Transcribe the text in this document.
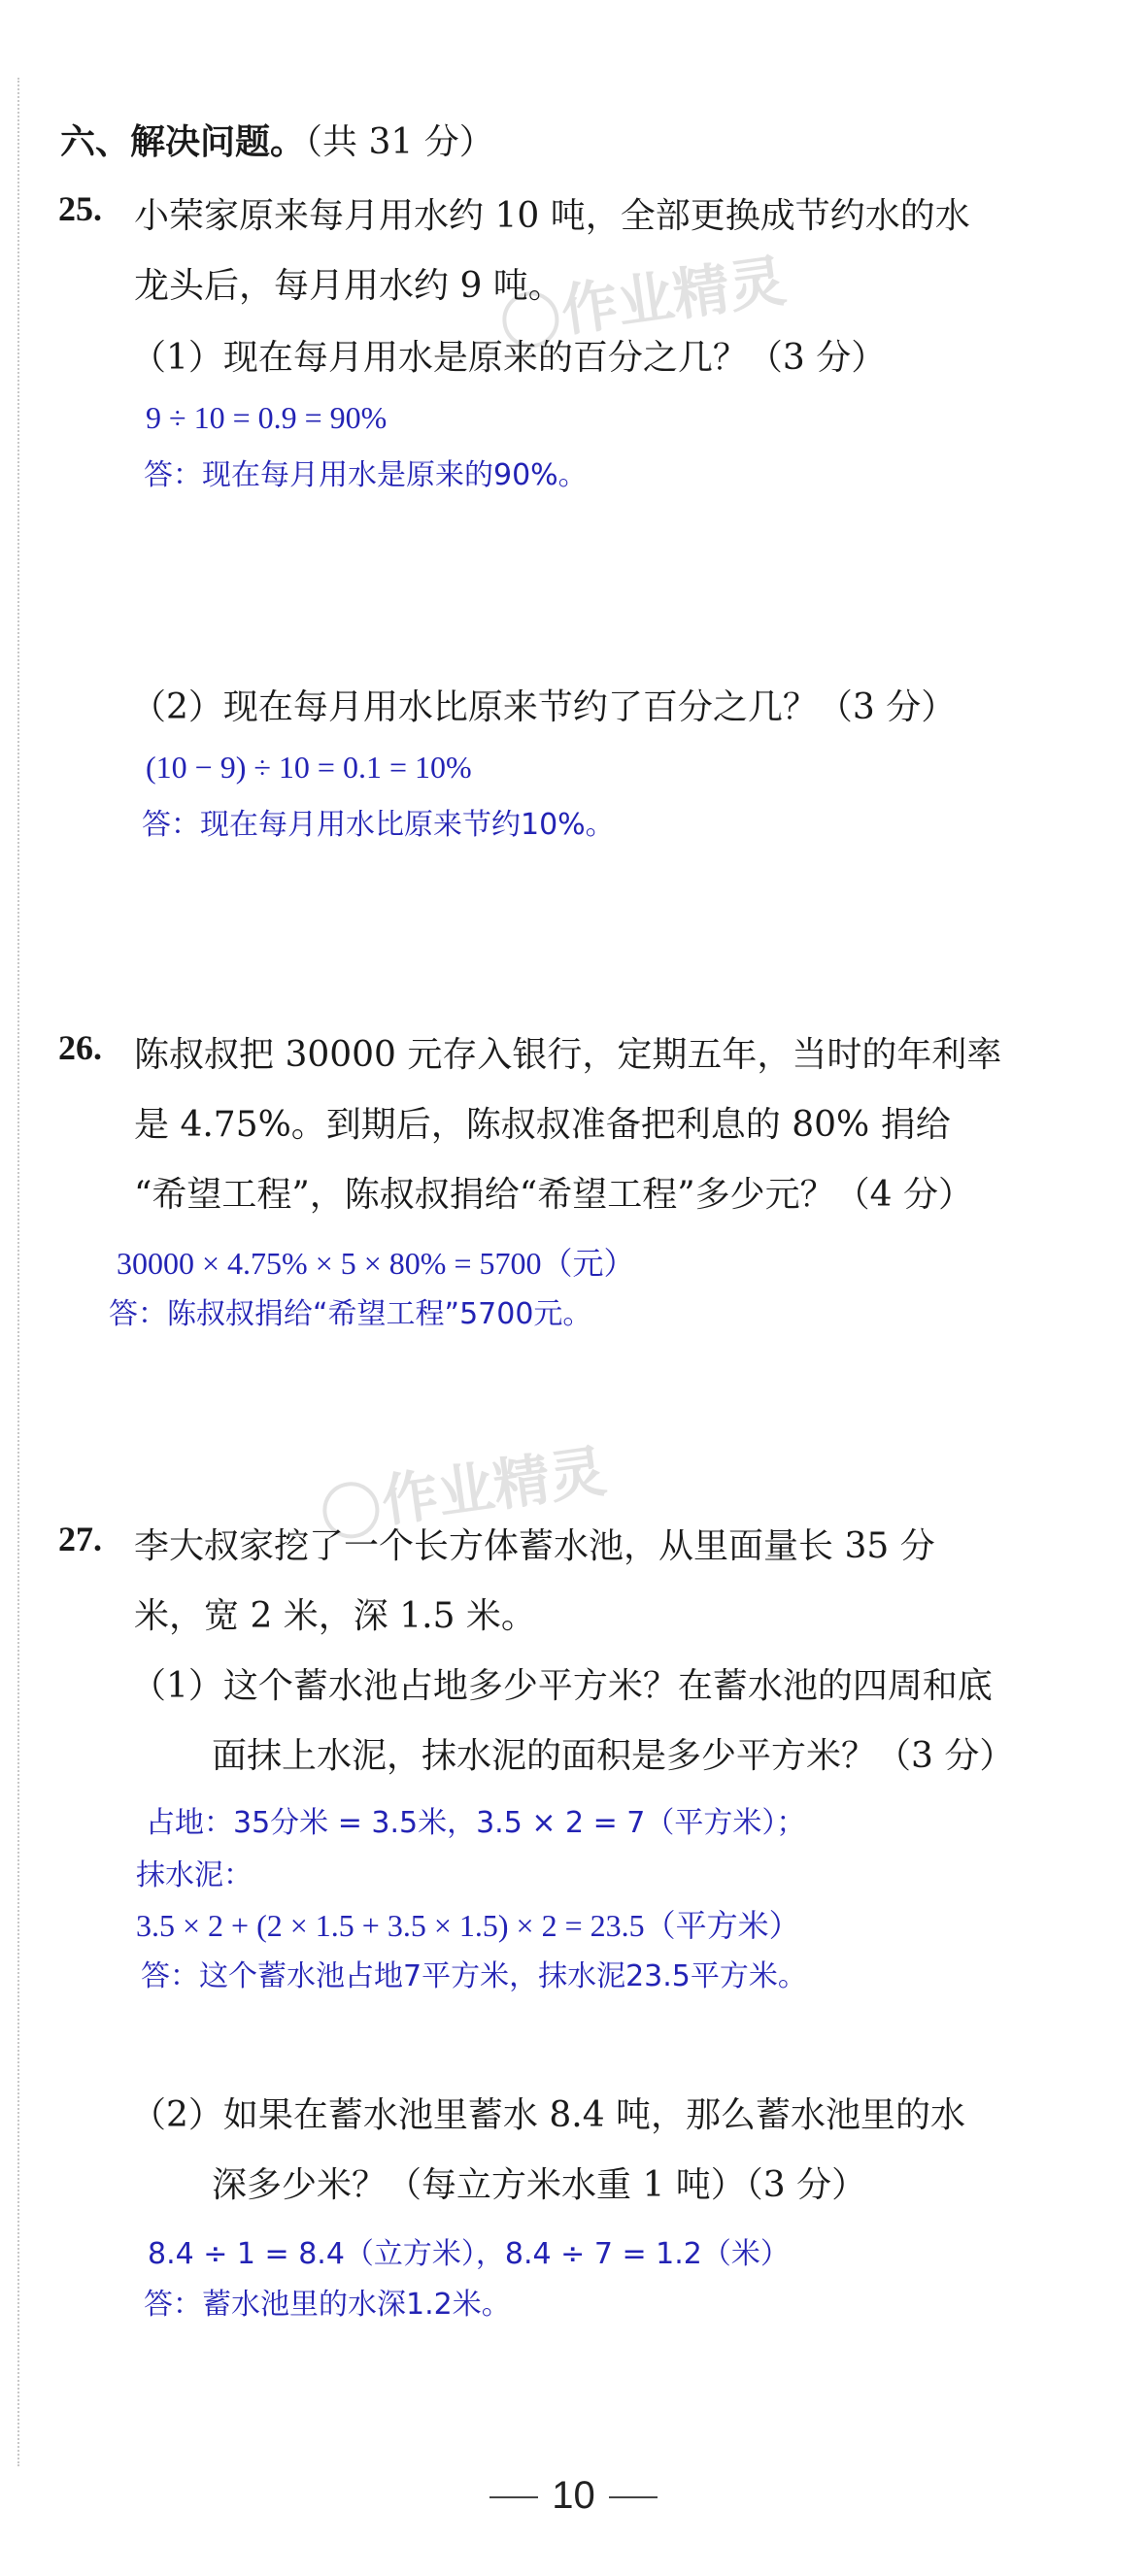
作业精灵
作业精灵
六、解决问题。（共 31 分）
25. 小荣家原来每月用水约 10 吨，全部更换成节约水的水
龙头后，每月用水约 9 吨。
（1）现在每月用水是原来的百分之几？（3 分）
9 ÷ 10 = 0.9 = 90%
答：现在每月用水是原来的90%。
（2）现在每月用水比原来节约了百分之几？（3 分）
(10 − 9) ÷ 10 = 0.1 = 10%
答：现在每月用水比原来节约10%。
26. 陈叔叔把 30000 元存入银行，定期五年，当时的年利率
是 4.75%。到期后，陈叔叔准备把利息的 80% 捐给
“希望工程”，陈叔叔捐给“希望工程”多少元？（4 分）
30000 × 4.75% × 5 × 80% = 5700（元）
答：陈叔叔捐给“希望工程”5700元。
27. 李大叔家挖了一个长方体蓄水池，从里面量长 35 分
米，宽 2 米，深 1.5 米。
（1）这个蓄水池占地多少平方米？在蓄水池的四周和底
面抹上水泥，抹水泥的面积是多少平方米？（3 分）
占地：35分米 = 3.5米，3.5 × 2 = 7（平方米）；
抹水泥：
3.5 × 2 + (2 × 1.5 + 3.5 × 1.5) × 2 = 23.5（平方米）
答：这个蓄水池占地7平方米，抹水泥23.5平方米。
（2）如果在蓄水池里蓄水 8.4 吨，那么蓄水池里的水
深多少米？（每立方米水重 1 吨）（3 分）
8.4 ÷ 1 = 8.4（立方米），8.4 ÷ 7 = 1.2（米）
答：蓄水池里的水深1.2米。
10
